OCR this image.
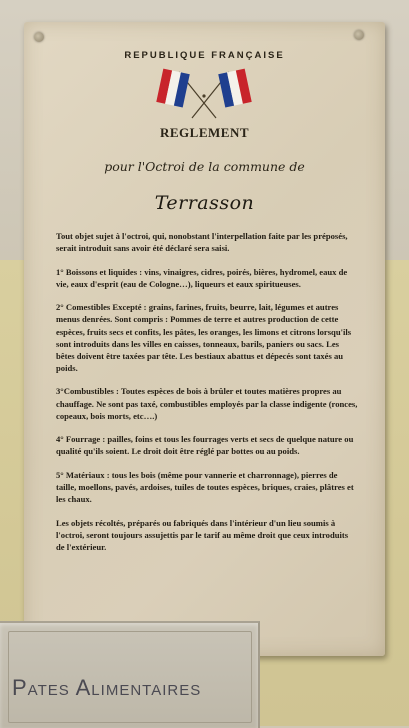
REPUBLIQUE FRANÇAISE
REGLEMENT
pour l'Octroi de la commune de
Terrasson

Tout objet sujet à l'octroi, qui, nonobstant l'interpellation faite par les préposés, serait introduit sans avoir été déclaré sera saisi.

1° Boissons et liquides : vins, vinaigres, cidres, poirés, bières, hydromel, eaux de vie, eaux d'esprit (eau de Cologne…), liqueurs et eaux spiritueuses.

2° Comestibles Excepté : grains, farines, fruits, beurre, lait, légumes et autres menus denrées. Sont compris : Pommes de terre et autres production de cette espèces, fruits secs et confits, les pâtes, les oranges, les limons et citrons lorsqu'ils sont introduits dans les villes en caisses, tonneaux, barils, paniers ou sacs. Les bêtes doivent être taxées par tête. Les bestiaux abattus et dépecés sont taxés au poids.

3°Combustibles : Toutes espèces de bois à brûler et toutes matières propres au chauffage. Ne sont pas taxé, combustibles employés par la classe indigente (ronces, copeaux, bois morts, etc….)

4° Fourrage : pailles, foins et tous les fourrages verts et secs de quelque nature ou qualité qu'ils soient. Le droit doit être réglé par bottes ou au poids.

5° Matériaux : tous les bois (même pour vannerie et charronnage), pierres de taille, moellons, pavés, ardoises, tuiles de toutes espèces, briques, craies, plâtres et les chaux.

Les objets récoltés, préparés ou fabriqués dans l'intérieur d'un lieu soumis à l'octroi, seront toujours assujettis par le tarif au même droit que ceux introduits de l'extérieur.

Pates Alimentaires
